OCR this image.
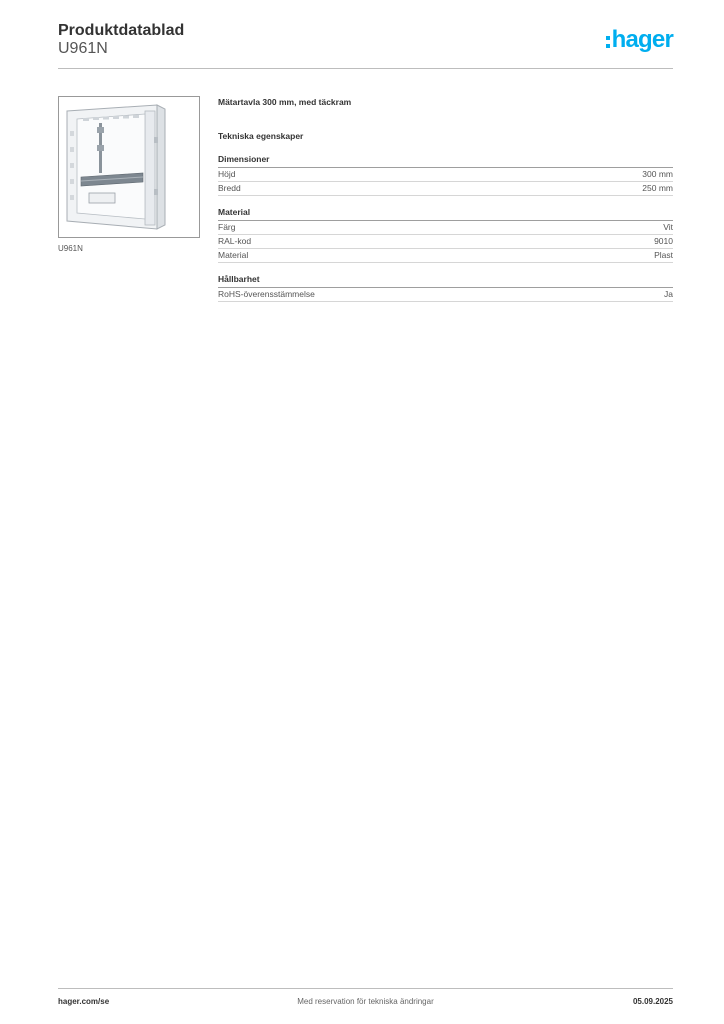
Produktdatablad
U961N	hager
U961N
Mätartavla 300 mm, med täckram
Tekniska egenskaper
Dimensioner
Höjd	300 mm
Bredd	250 mm
Material
Färg	Vit
RAL-kod	9010
Material	Plast
Hållbarhet
RoHS-överensstämmelse	Ja
hager.com/se	Med reservation för tekniska ändringar	05.09.2025
